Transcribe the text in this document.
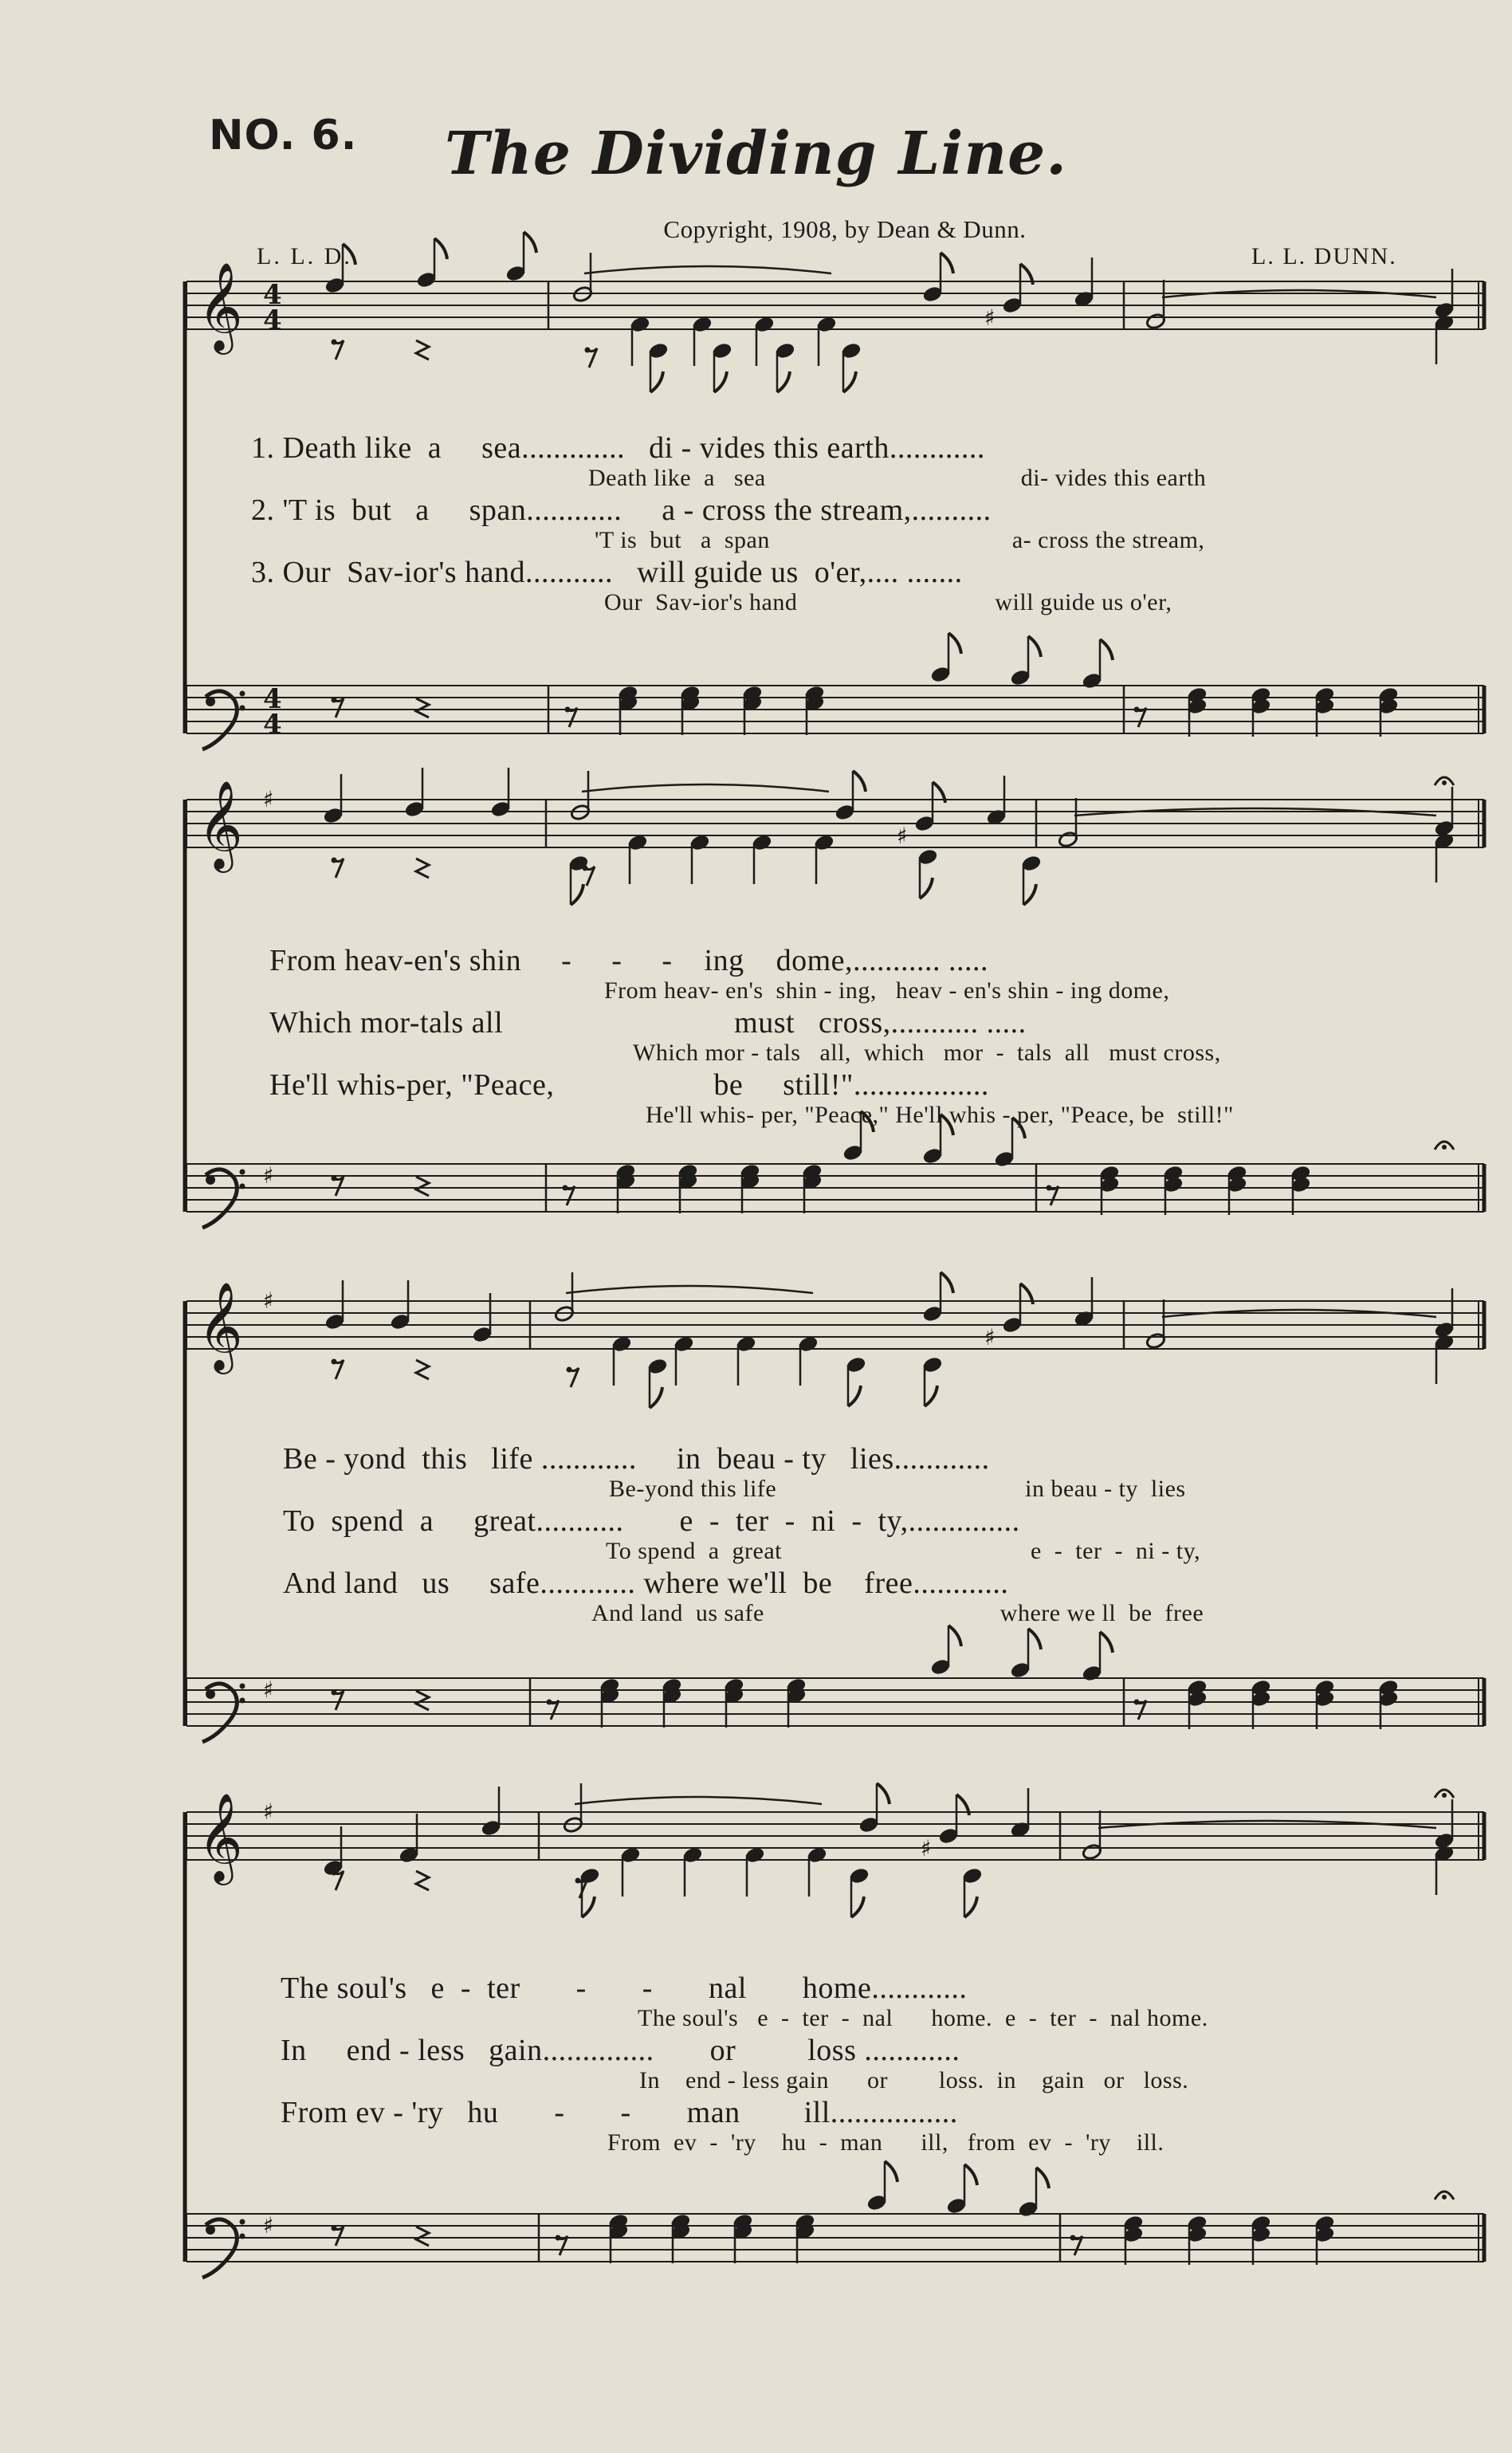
NO. 6.	The Dividing Line.
Copyright, 1908, by Dean & Dunn.
L. L. D.	L. L. DUNN.
𝄞 4
4
4
4
♯
𝄞 ♯
♯
♯
𝄞 ♯
♯
♯
𝄞 ♯
♯
♯
1. Death like  a     sea.............   di - vides this earth............
Death like  a   sea                                        di- vides this earth
2. 'T is  but   a     span............     a - cross the stream,..........
'T is  but   a  span                                      a- cross the stream,
3. Our  Sav-ior's hand...........   will guide us  o'er,.... .......
Our  Sav-ior's hand                               will guide us o'er,
From heav-en's shin     -     -     -    ing    dome,........... .....
From heav- en's  shin - ing,   heav - en's shin - ing dome,
Which mor-tals all                             must   cross,........... .....
Which mor - tals   all,  which   mor  -  tals  all   must cross,
He'll whis-per, "Peace,                    be     still!".................
He'll whis- per, "Peace," He'll whis - per, "Peace, be  still!"
Be - yond  this   life ............     in  beau - ty   lies............
Be-yond this life                                       in beau - ty  lies
To  spend  a     great...........       e  -  ter  -  ni  -  ty,..............
To spend  a  great                                       e  -  ter  -  ni - ty,
And land   us     safe............ where we'll  be    free............
And land  us safe                                     where we ll  be  free
The soul's   e  -  ter       -       -       nal       home............
The soul's   e  -  ter  -  nal      home.  e  -  ter  -  nal home.
In     end - less   gain..............       or         loss ............
In    end - less gain      or        loss.  in    gain   or   loss.
From ev - 'ry   hu       -       -       man        ill................
From  ev  -  'ry    hu  -  man      ill,   from  ev  -  'ry    ill.
